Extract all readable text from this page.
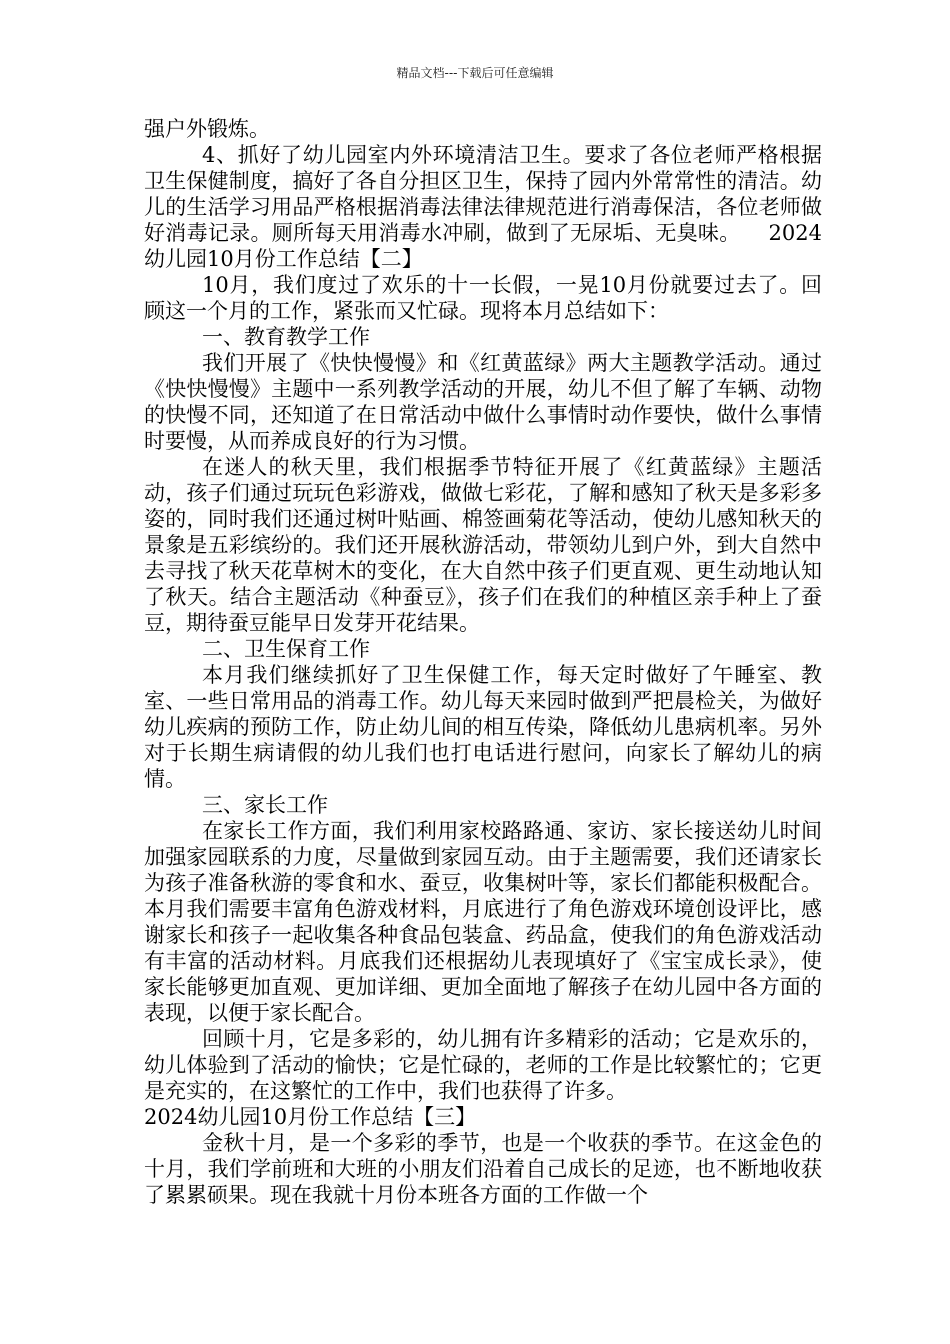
精品文档---下载后可任意编辑

强户外锻炼。

4、抓好了幼儿园室内外环境清洁卫生。要求了各位老师严格根据卫生保健制度，搞好了各自分担区卫生，保持了园内外常常性的清洁。幼儿的生活学习用品严格根据消毒法律法律规范进行消毒保洁，各位老师做好消毒记录。厕所每天用消毒水冲刷，做到了无尿垢、无臭味。 2024幼儿园10月份工作总结【二】

10月，我们度过了欢乐的十一长假，一晃10月份就要过去了。回顾这一个月的工作，紧张而又忙碌。现将本月总结如下：

一、教育教学工作

我们开展了《快快慢慢》和《红黄蓝绿》两大主题教学活动。通过《快快慢慢》主题中一系列教学活动的开展，幼儿不但了解了车辆、动物的快慢不同，还知道了在日常活动中做什么事情时动作要快，做什么事情时要慢，从而养成良好的行为习惯。

在迷人的秋天里，我们根据季节特征开展了《红黄蓝绿》主题活动，孩子们通过玩玩色彩游戏，做做七彩花，了解和感知了秋天是多彩多姿的，同时我们还通过树叶贴画、棉签画菊花等活动，使幼儿感知秋天的景象是五彩缤纷的。我们还开展秋游活动，带领幼儿到户外，到大自然中去寻找了秋天花草树木的变化，在大自然中孩子们更直观、更生动地认知了秋天。结合主题活动《种蚕豆》，孩子们在我们的种植区亲手种上了蚕豆，期待蚕豆能早日发芽开花结果。

二、卫生保育工作

本月我们继续抓好了卫生保健工作，每天定时做好了午睡室、教室、一些日常用品的消毒工作。幼儿每天来园时做到严把晨检关，为做好幼儿疾病的预防工作，防止幼儿间的相互传染，降低幼儿患病机率。另外对于长期生病请假的幼儿我们也打电话进行慰问，向家长了解幼儿的病情。

三、家长工作

在家长工作方面，我们利用家校路路通、家访、家长接送幼儿时间加强家园联系的力度，尽量做到家园互动。由于主题需要，我们还请家长为孩子准备秋游的零食和水、蚕豆，收集树叶等，家长们都能积极配合。本月我们需要丰富角色游戏材料，月底进行了角色游戏环境创设评比，感谢家长和孩子一起收集各种食品包装盒、药品盒，使我们的角色游戏活动有丰富的活动材料。月底我们还根据幼儿表现填好了《宝宝成长录》，使家长能够更加直观、更加详细、更加全面地了解孩子在幼儿园中各方面的表现，以便于家长配合。

回顾十月，它是多彩的，幼儿拥有许多精彩的活动；它是欢乐的，幼儿体验到了活动的愉快；它是忙碌的，老师的工作是比较繁忙的；它更是充实的，在这繁忙的工作中，我们也获得了许多。

2024幼儿园10月份工作总结【三】

金秋十月，是一个多彩的季节，也是一个收获的季节。在这金色的十月，我们学前班和大班的小朋友们沿着自己成长的足迹，也不断地收获了累累硕果。现在我就十月份本班各方面的工作做一个
